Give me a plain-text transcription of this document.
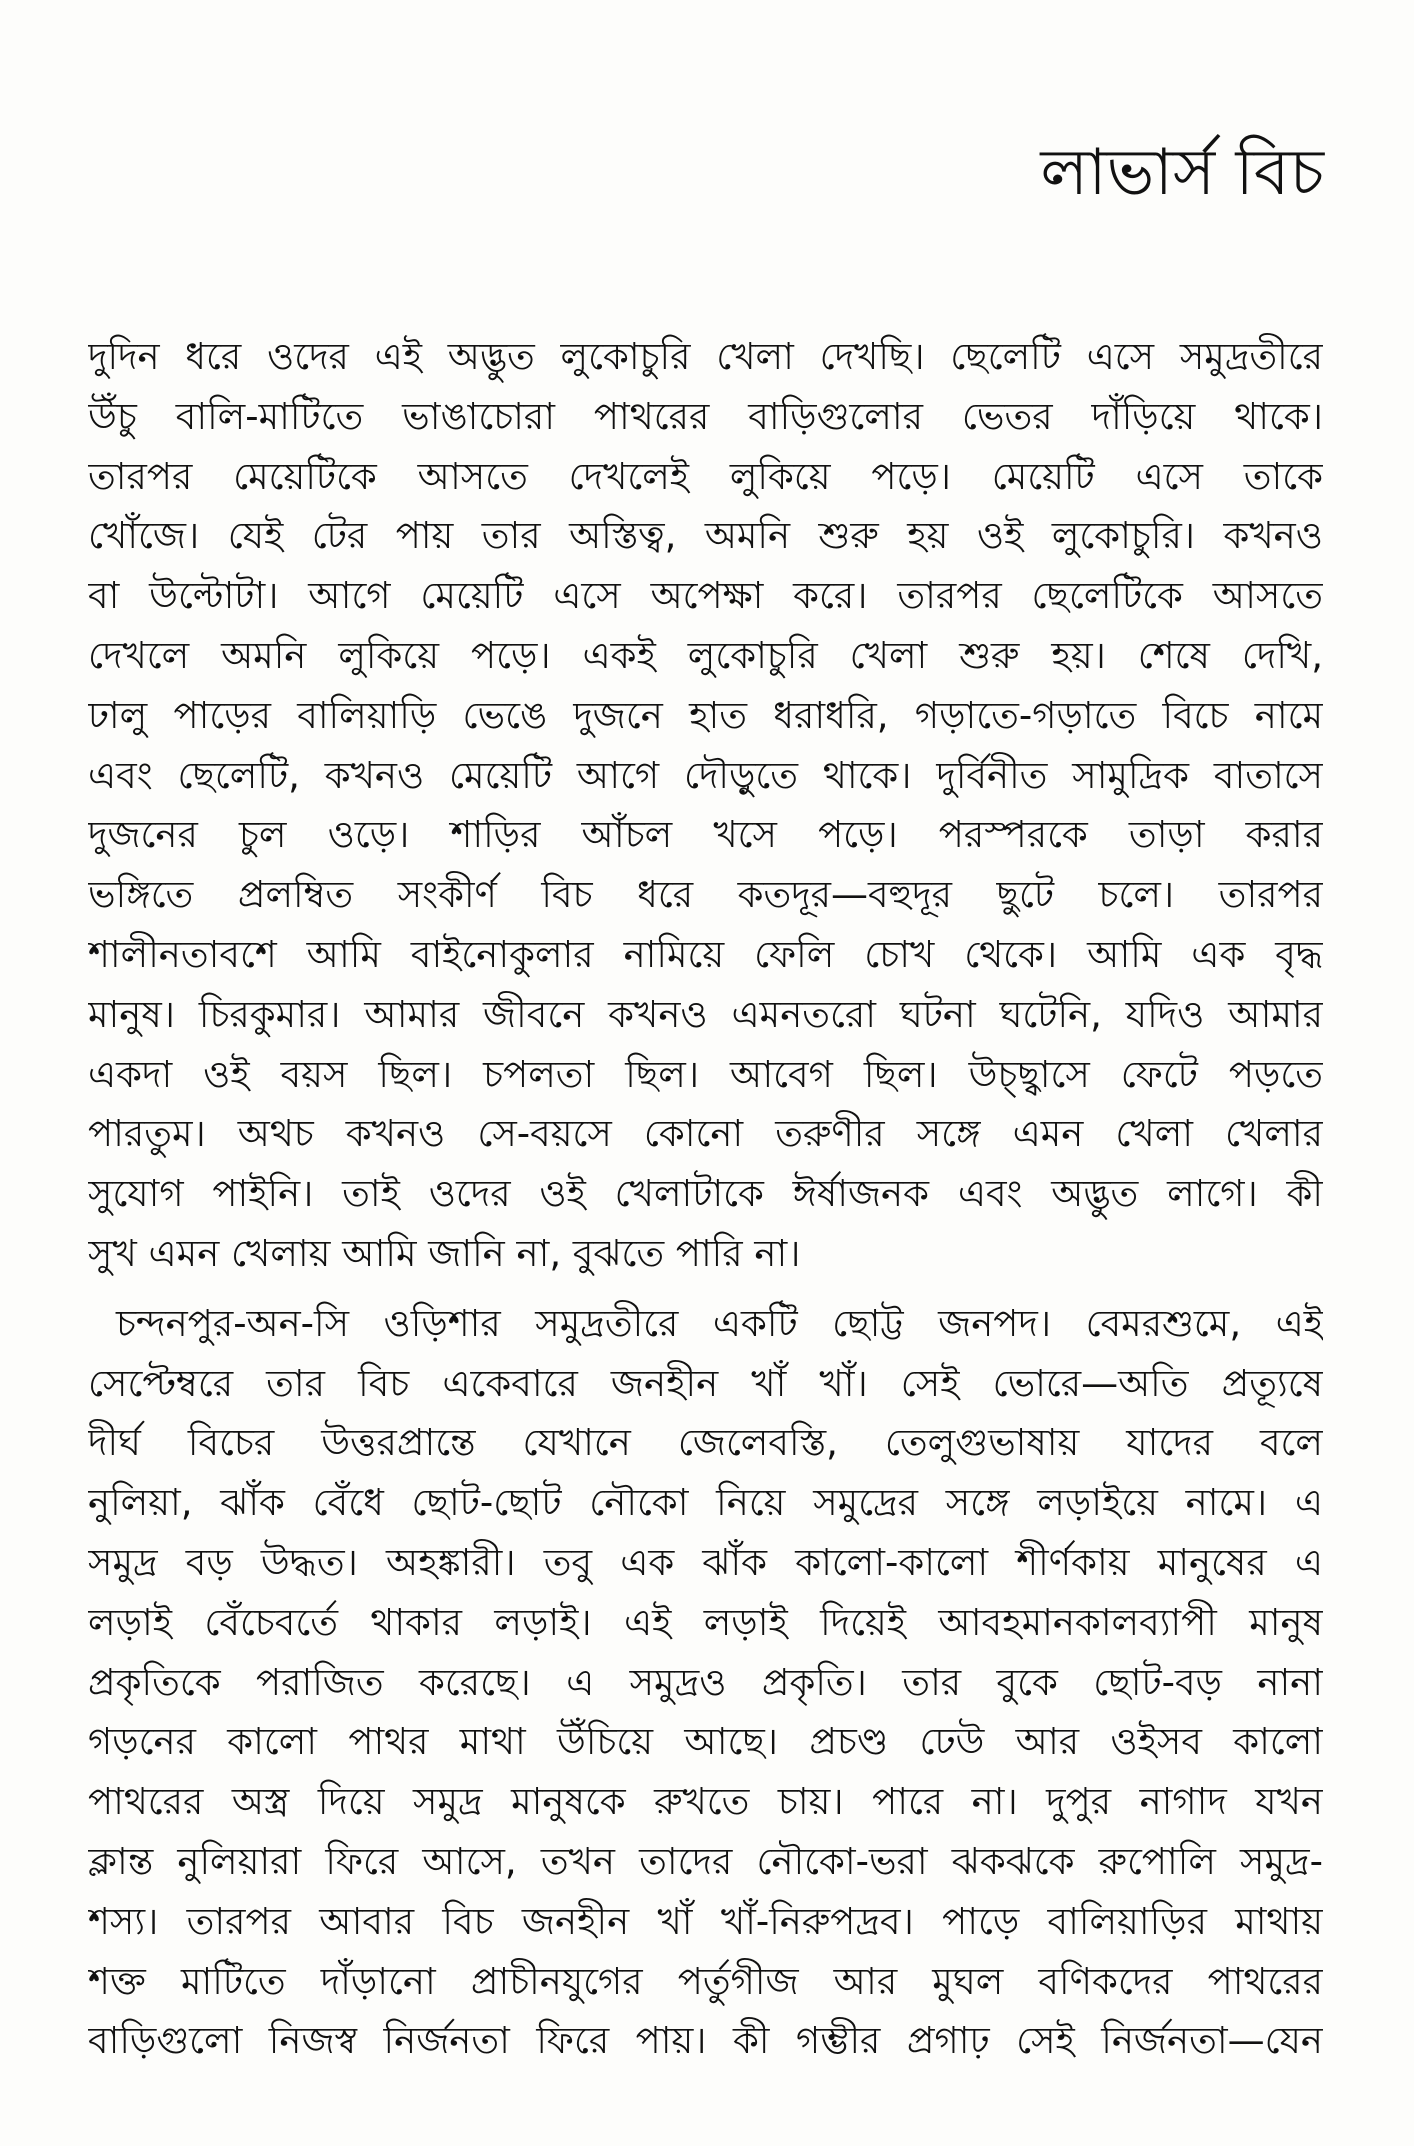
লাভার্স বিচ
দুদিন ধরে ওদের এই অদ্ভুত লুকোচুরি খেলা দেখছি। ছেলেটি এসে সমুদ্রতীরে
উঁচু বালি-মাটিতে ভাঙাচোরা পাথরের বাড়িগুলোর ভেতর দাঁড়িয়ে থাকে।
তারপর মেয়েটিকে আসতে দেখলেই লুকিয়ে পড়ে। মেয়েটি এসে তাকে
খোঁজে। যেই টের পায় তার অস্তিত্ব, অমনি শুরু হয় ওই লুকোচুরি। কখনও
বা উল্টোটা। আগে মেয়েটি এসে অপেক্ষা করে। তারপর ছেলেটিকে আসতে
দেখলে অমনি লুকিয়ে পড়ে। একই লুকোচুরি খেলা শুরু হয়। শেষে দেখি,
ঢালু পাড়ের বালিয়াড়ি ভেঙে দুজনে হাত ধরাধরি, গড়াতে-গড়াতে বিচে নামে
এবং ছেলেটি, কখনও মেয়েটি আগে দৌড়ুতে থাকে। দুর্বিনীত সামুদ্রিক বাতাসে
দুজনের চুল ওড়ে। শাড়ির আঁচল খসে পড়ে। পরস্পরকে তাড়া করার
ভঙ্গিতে প্রলম্বিত সংকীর্ণ বিচ ধরে কতদূর—বহুদূর ছুটে চলে। তারপর
শালীনতাবশে আমি বাইনোকুলার নামিয়ে ফেলি চোখ থেকে। আমি এক বৃদ্ধ
মানুষ। চিরকুমার। আমার জীবনে কখনও এমনতরো ঘটনা ঘটেনি, যদিও আমার
একদা ওই বয়স ছিল। চপলতা ছিল। আবেগ ছিল। উচ্ছ্বাসে ফেটে পড়তে
পারতুম। অথচ কখনও সে-বয়সে কোনো তরুণীর সঙ্গে এমন খেলা খেলার
সুযোগ পাইনি। তাই ওদের ওই খেলাটাকে ঈর্ষাজনক এবং অদ্ভুত লাগে। কী
সুখ এমন খেলায় আমি জানি না, বুঝতে পারি না।
চন্দনপুর-অন-সি ওড়িশার সমুদ্রতীরে একটি ছোট্ট জনপদ। বেমরশুমে, এই
সেপ্টেম্বরে তার বিচ একেবারে জনহীন খাঁ খাঁ। সেই ভোরে—অতি প্রত্যূষে
দীর্ঘ বিচের উত্তরপ্রান্তে যেখানে জেলেবস্তি, তেলুগুভাষায় যাদের বলে
নুলিয়া, ঝাঁক বেঁধে ছোট-ছোট নৌকো নিয়ে সমুদ্রের সঙ্গে লড়াইয়ে নামে। এ
সমুদ্র বড় উদ্ধত। অহঙ্কারী। তবু এক ঝাঁক কালো-কালো শীর্ণকায় মানুষের এ
লড়াই বেঁচেবর্তে থাকার লড়াই। এই লড়াই দিয়েই আবহমানকালব্যাপী মানুষ
প্রকৃতিকে পরাজিত করেছে। এ সমুদ্রও প্রকৃতি। তার বুকে ছোট-বড় নানা
গড়নের কালো পাথর মাথা উঁচিয়ে আছে। প্রচণ্ড ঢেউ আর ওইসব কালো
পাথরের অস্ত্র দিয়ে সমুদ্র মানুষকে রুখতে চায়। পারে না। দুপুর নাগাদ যখন
ক্লান্ত নুলিয়ারা ফিরে আসে, তখন তাদের নৌকো-ভরা ঝকঝকে রুপোলি সমুদ্র-
শস্য। তারপর আবার বিচ জনহীন খাঁ খাঁ-নিরুপদ্রব। পাড়ে বালিয়াড়ির মাথায়
শক্ত মাটিতে দাঁড়ানো প্রাচীনযুগের পর্তুগীজ আর মুঘল বণিকদের পাথরের
বাড়িগুলো নিজস্ব নির্জনতা ফিরে পায়। কী গম্ভীর প্রগাঢ় সেই নির্জনতা—যেন
